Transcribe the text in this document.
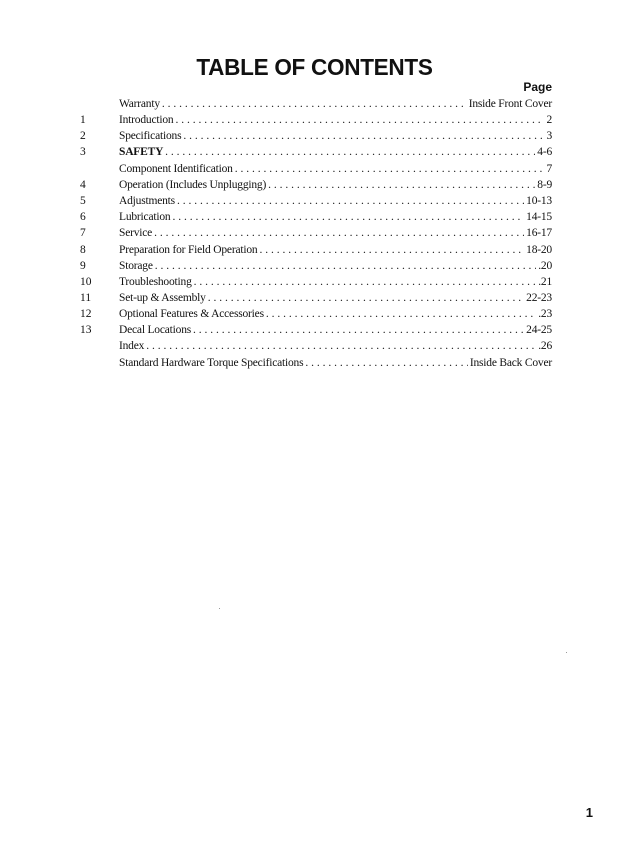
TABLE OF CONTENTS
Page
Warranty . . .	Inside Front Cover
1	Introduction . . .	2
2	Specifications . . .	3
3	SAFETY . . .	4-6
Component Identification . . .	7
4	Operation (Includes Unplugging) . . .	8-9
5	Adjustments . . .	10-13
6	Lubrication . . .	14-15
7	Service . . .	16-17
8	Preparation for Field Operation . . .	18-20
9	Storage . . .	.20
10	Troubleshooting . . .	.21
11	Set-up & Assembly . . .	22-23
12	Optional Features & Accessories . . .	.23
13	Decal Locations . . .	24-25
Index . . .	.26
Standard Hardware Torque Specifications . . .	Inside Back Cover
1
